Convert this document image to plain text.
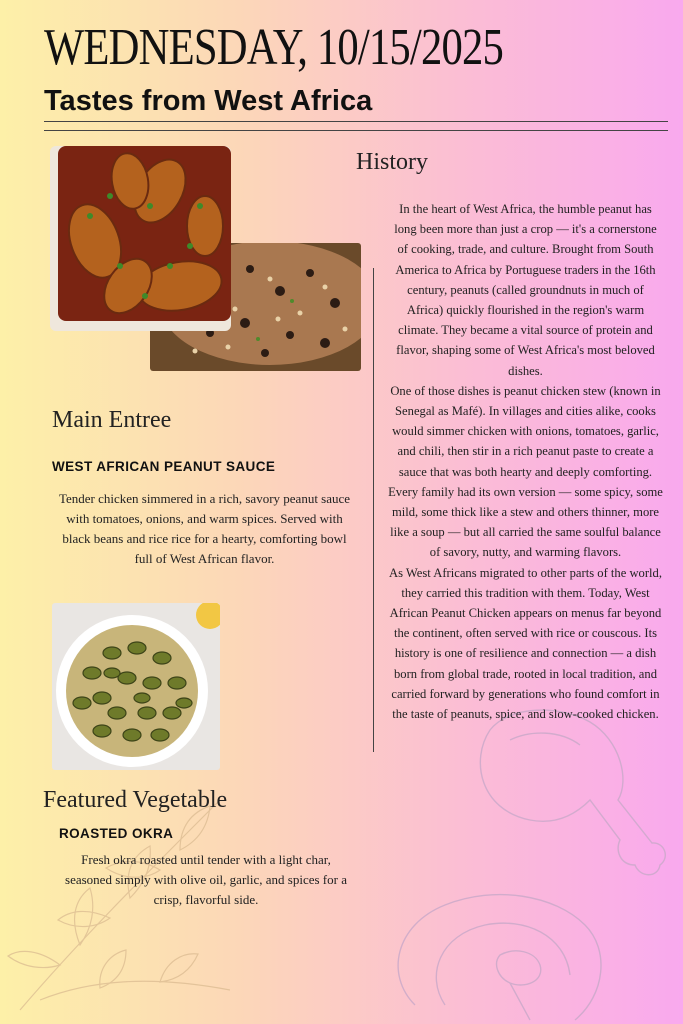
WEDNESDAY, 10/15/2025
Tastes from West Africa
History
In the heart of West Africa, the humble peanut has long been more than just a crop — it's a cornerstone of cooking, trade, and culture. Brought from South America to Africa by Portuguese traders in the 16th century, peanuts (called groundnuts in much of Africa) quickly flourished in the region's warm climate. They became a vital source of protein and flavor, shaping some of West Africa's most beloved dishes.
One of those dishes is peanut chicken stew (known in Senegal as Mafé). In villages and cities alike, cooks would simmer chicken with onions, tomatoes, garlic, and chili, then stir in a rich peanut paste to create a sauce that was both hearty and deeply comforting. Every family had its own version — some spicy, some mild, some thick like a stew and others thinner, more like a soup — but all carried the same soulful balance of savory, nutty, and warming flavors.
As West Africans migrated to other parts of the world, they carried this tradition with them. Today, West African Peanut Chicken appears on menus far beyond the continent, often served with rice or couscous. Its history is one of resilience and connection — a dish born from global trade, rooted in local tradition, and carried forward by generations who found comfort in the taste of peanuts, spice, and slow-cooked chicken.
Main Entree
WEST AFRICAN PEANUT SAUCE
Tender chicken simmered in a rich, savory peanut sauce with tomatoes, onions, and warm spices. Served with black beans and rice rice for a hearty, comforting bowl full of West African flavor.
Featured Vegetable
ROASTED OKRA
Fresh okra roasted until tender with a light char, seasoned simply with olive oil, garlic, and spices for a crisp, flavorful side.
